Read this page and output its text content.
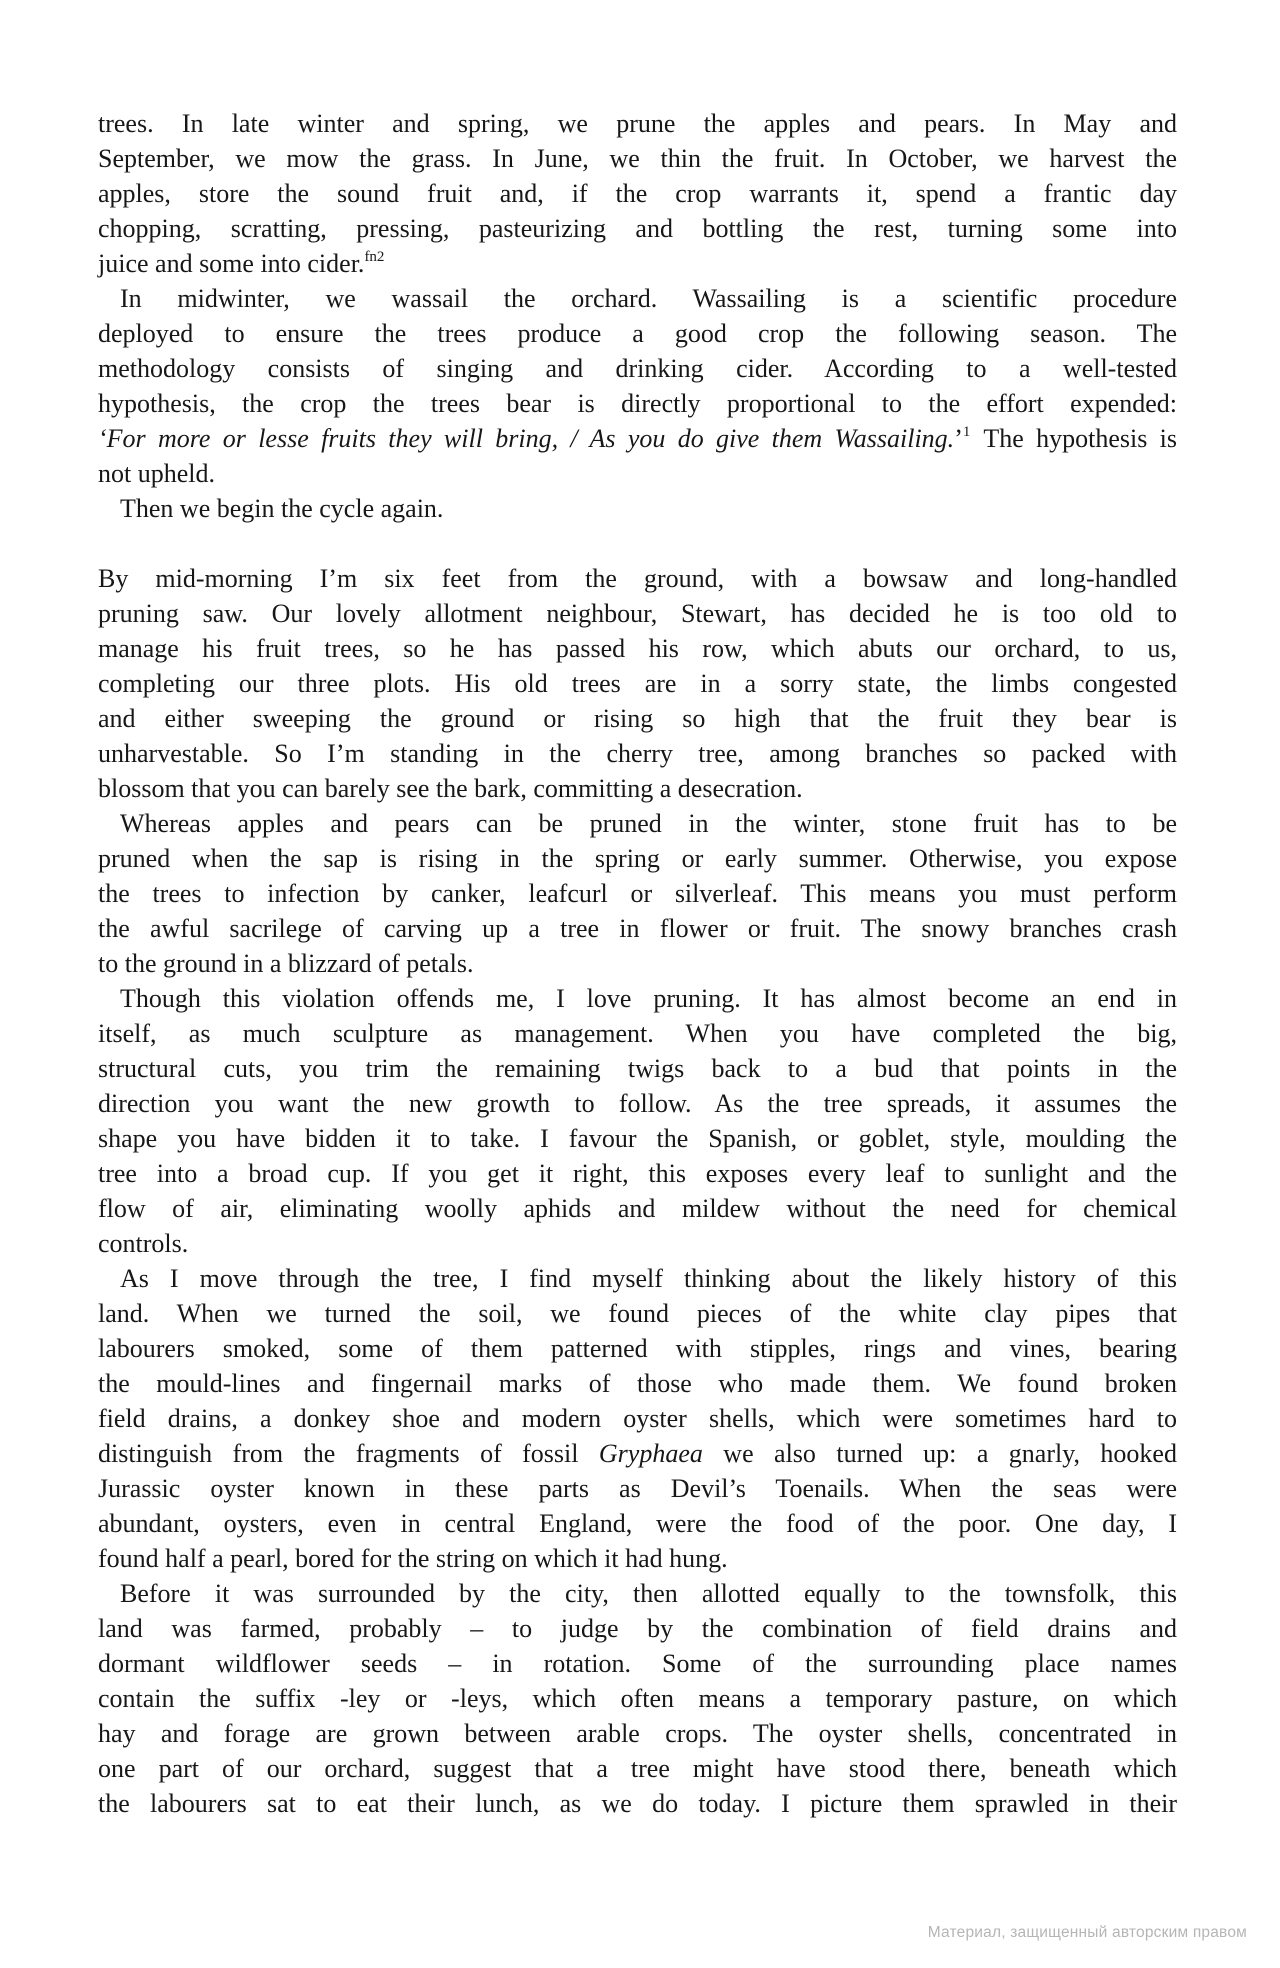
trees. In late winter and spring, we prune the apples and pears. In May and
September, we mow the grass. In June, we thin the fruit. In October, we harvest the
apples, store the sound fruit and, if the crop warrants it, spend a frantic day
chopping, scratting, pressing, pasteurizing and bottling the rest, turning some into
juice and some into cider.$^{fn2}$
In midwinter, we wassail the orchard. Wassailing is a scientific procedure
deployed to ensure the trees produce a good crop the following season. The
methodology consists of singing and drinking cider. According to a well-tested
hypothesis, the crop the trees bear is directly proportional to the effort expended:
‘For more or lesse fruits they will bring, / As you do give them Wassailing.’$^1$ The hypothesis is
not upheld.
Then we begin the cycle again.
By mid-morning I’m six feet from the ground, with a bowsaw and long-handled
pruning saw. Our lovely allotment neighbour, Stewart, has decided he is too old to
manage his fruit trees, so he has passed his row, which abuts our orchard, to us,
completing our three plots. His old trees are in a sorry state, the limbs congested
and either sweeping the ground or rising so high that the fruit they bear is
unharvestable. So I’m standing in the cherry tree, among branches so packed with
blossom that you can barely see the bark, committing a desecration.
Whereas apples and pears can be pruned in the winter, stone fruit has to be
pruned when the sap is rising in the spring or early summer. Otherwise, you expose
the trees to infection by canker, leafcurl or silverleaf. This means you must perform
the awful sacrilege of carving up a tree in flower or fruit. The snowy branches crash
to the ground in a blizzard of petals.
Though this violation offends me, I love pruning. It has almost become an end in
itself, as much sculpture as management. When you have completed the big,
structural cuts, you trim the remaining twigs back to a bud that points in the
direction you want the new growth to follow. As the tree spreads, it assumes the
shape you have bidden it to take. I favour the Spanish, or goblet, style, moulding the
tree into a broad cup. If you get it right, this exposes every leaf to sunlight and the
flow of air, eliminating woolly aphids and mildew without the need for chemical
controls.
As I move through the tree, I find myself thinking about the likely history of this
land. When we turned the soil, we found pieces of the white clay pipes that
labourers smoked, some of them patterned with stipples, rings and vines, bearing
the mould-lines and fingernail marks of those who made them. We found broken
field drains, a donkey shoe and modern oyster shells, which were sometimes hard to
distinguish from the fragments of fossil Gryphaea we also turned up: a gnarly, hooked
Jurassic oyster known in these parts as Devil’s Toenails. When the seas were
abundant, oysters, even in central England, were the food of the poor. One day, I
found half a pearl, bored for the string on which it had hung.
Before it was surrounded by the city, then allotted equally to the townsfolk, this
land was farmed, probably – to judge by the combination of field drains and
dormant wildflower seeds – in rotation. Some of the surrounding place names
contain the suffix -ley or -leys, which often means a temporary pasture, on which
hay and forage are grown between arable crops. The oyster shells, concentrated in
one part of our orchard, suggest that a tree might have stood there, beneath which
the labourers sat to eat their lunch, as we do today. I picture them sprawled in their
Материал, защищенный авторским правом
